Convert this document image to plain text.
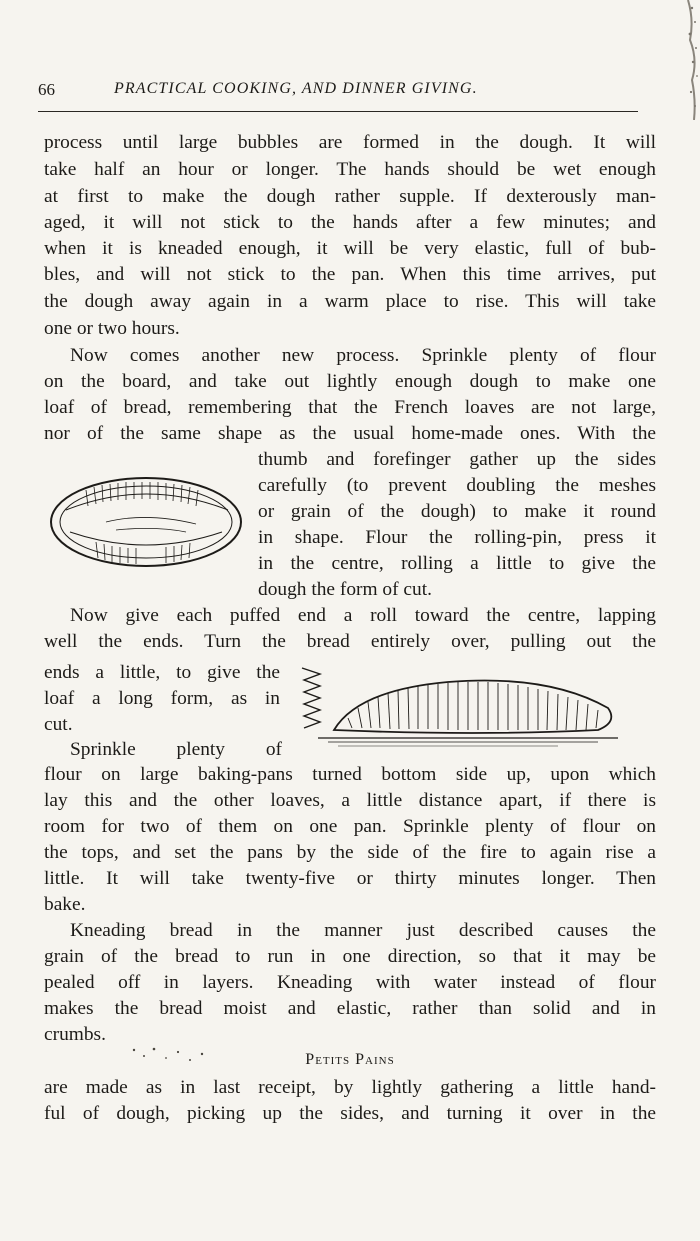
66	PRACTICAL COOKING, AND DINNER GIVING.
process until large bubbles are formed in the dough. It will
take half an hour or longer. The hands should be wet enough
at first to make the dough rather supple. If dexterously man-
aged, it will not stick to the hands after a few minutes; and
when it is kneaded enough, it will be very elastic, full of bub-
bles, and will not stick to the pan. When this time arrives, put
the dough away again in a warm place to rise. This will take
one or two hours.
Now comes another new process. Sprinkle plenty of flour
on the board, and take out lightly enough dough to make one
loaf of bread, remembering that the French loaves are not large,
nor of the same shape as the usual home-made ones. With the
thumb and forefinger gather up the sides
carefully (to prevent doubling the meshes
or grain of the dough) to make it round
in shape. Flour the rolling-pin, press it
in the centre, rolling a little to give the
dough the form of cut.
Now give each puffed end a roll toward the centre, lapping
well the ends. Turn the bread entirely over, pulling out the
ends a little, to give the
loaf a long form, as in
cut.
Sprinkle plenty of
flour on large baking-pans turned bottom side up, upon which
lay this and the other loaves, a little distance apart, if there is
room for two of them on one pan. Sprinkle plenty of flour on
the tops, and set the pans by the side of the fire to again rise a
little. It will take twenty-five or thirty minutes longer. Then
bake.
Kneading bread in the manner just described causes the
grain of the bread to run in one direction, so that it may be
pealed off in layers. Kneading with water instead of flour
makes the bread moist and elastic, rather than solid and in
crumbs.
Petits Pains
are made as in last receipt, by lightly gathering a little hand-
ful of dough, picking up the sides, and turning it over in the
